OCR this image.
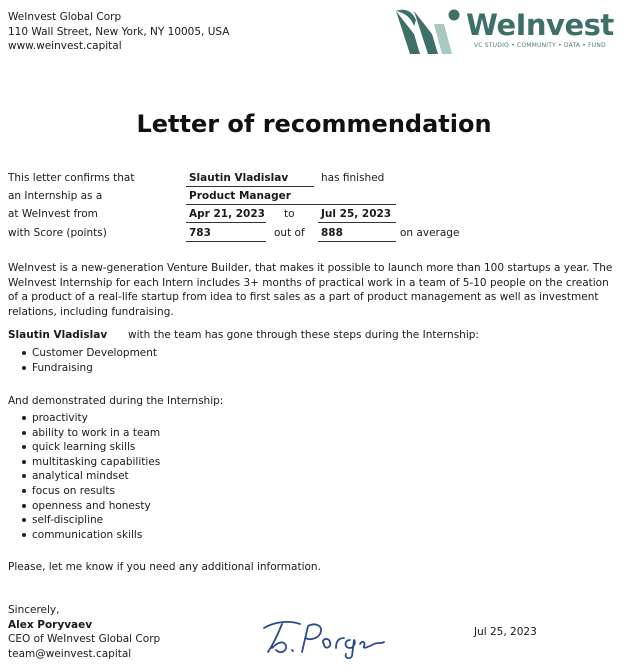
WeInvest Global Corp
110 Wall Street, New York, NY 10005, USA
www.weinvest.capital
WeInvest
VC STUDIO • COMMUNITY • DATA • FUND
Letter of recommendation
This letter confirms that	Slautin Vladislav	has finished
an Internship as a	Product Manager
at WeInvest from	Apr 21, 2023 to	Jul 25, 2023
with Score (points)	783	out of 888	on average
WeInvest is a new-generation Venture Builder, that makes it possible to launch more than 100 startups a year. The WeInvest Internship for each Intern includes 3+ months of practical work in a team of 5-10 people on the creation of a product of a real-life startup from idea to first sales as a part of product management as well as investment relations, including fundraising.
Slautin Vladislav with the team has gone through these steps during the Internship:
Customer Development
Fundraising
And demonstrated during the Internship:
proactivity
ability to work in a team
quick learning skills
multitasking capabilities
analytical mindset
focus on results
openness and honesty
self-discipline
communication skills
Please, let me know if you need any additional information.
Sincerely,
Alex Poryvaev
CEO of WeInvest Global Corp
team@weinvest.capital
Jul 25, 2023
